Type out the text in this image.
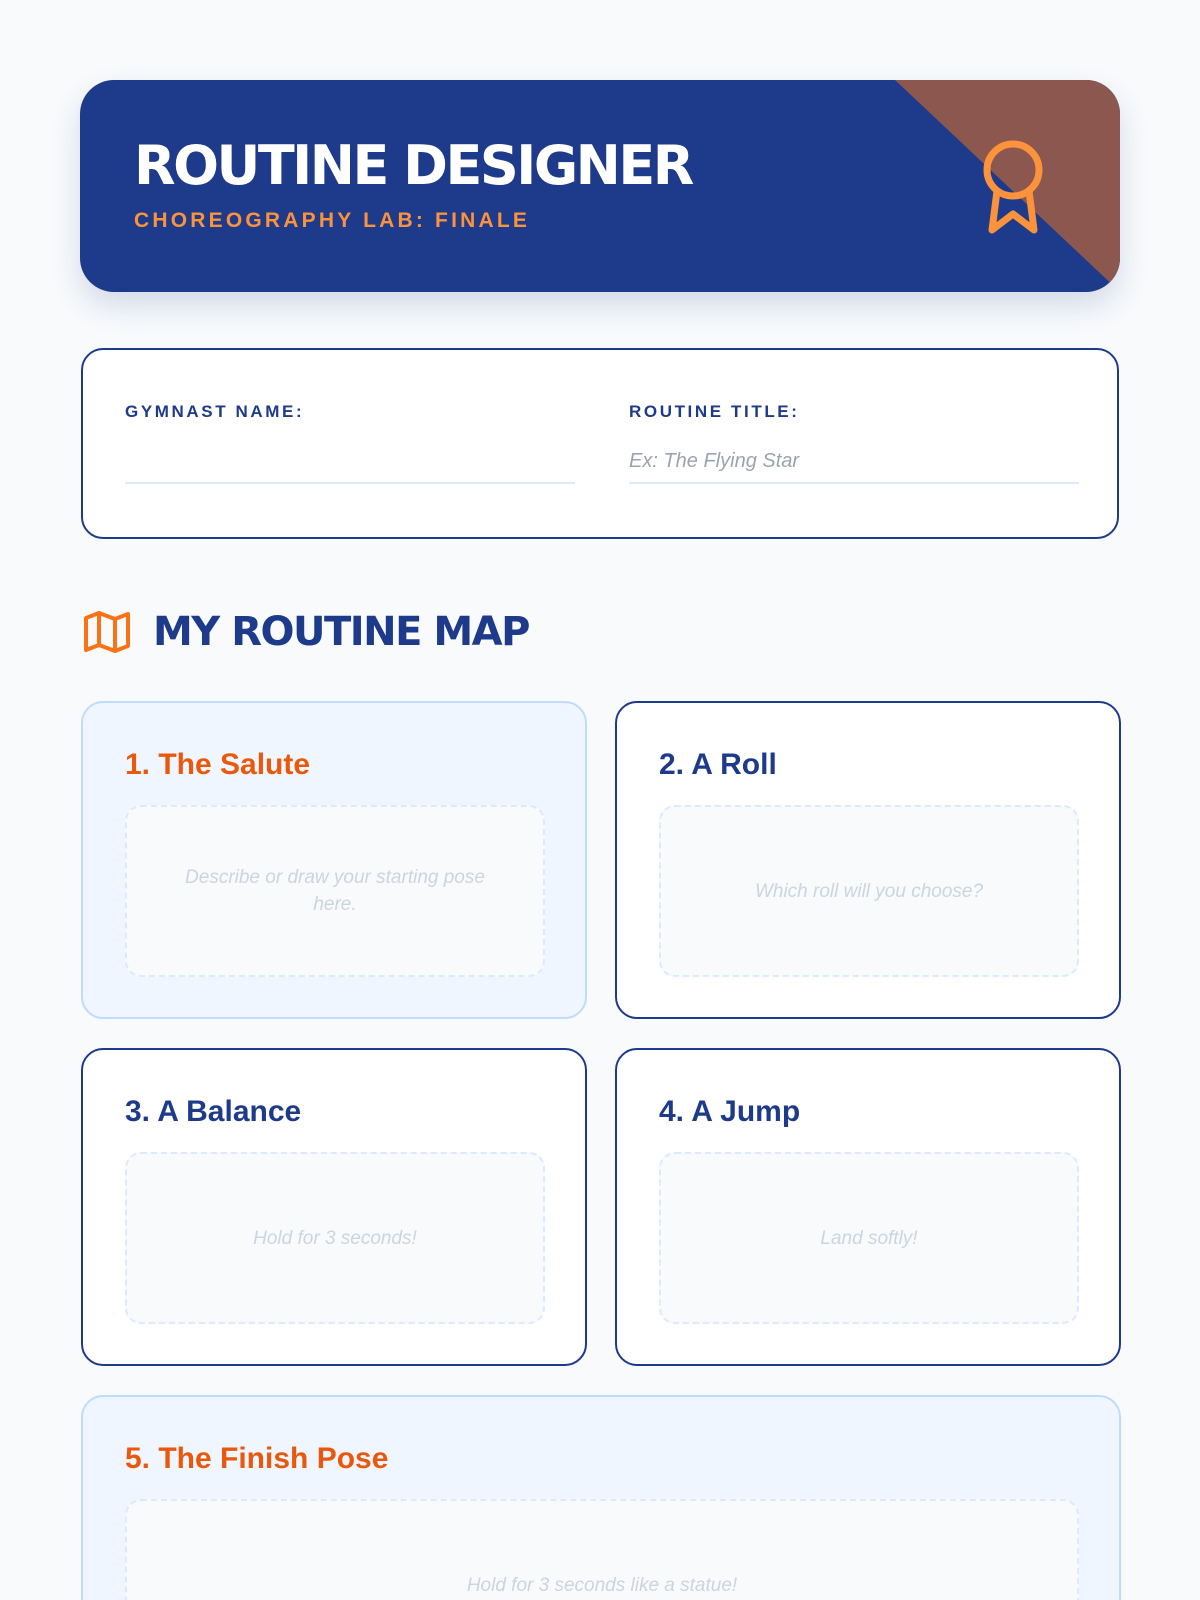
ROUTINE DESIGNER
CHOREOGRAPHY LAB: FINALE
GYMNAST NAME:	ROUTINE TITLE:
Ex: The Flying Star
MY ROUTINE MAP
1. The Salute
Describe or draw your starting pose here.
2. A Roll
Which roll will you choose?
3. A Balance
Hold for 3 seconds!
4. A Jump
Land softly!
5. The Finish Pose
Hold for 3 seconds like a statue!
